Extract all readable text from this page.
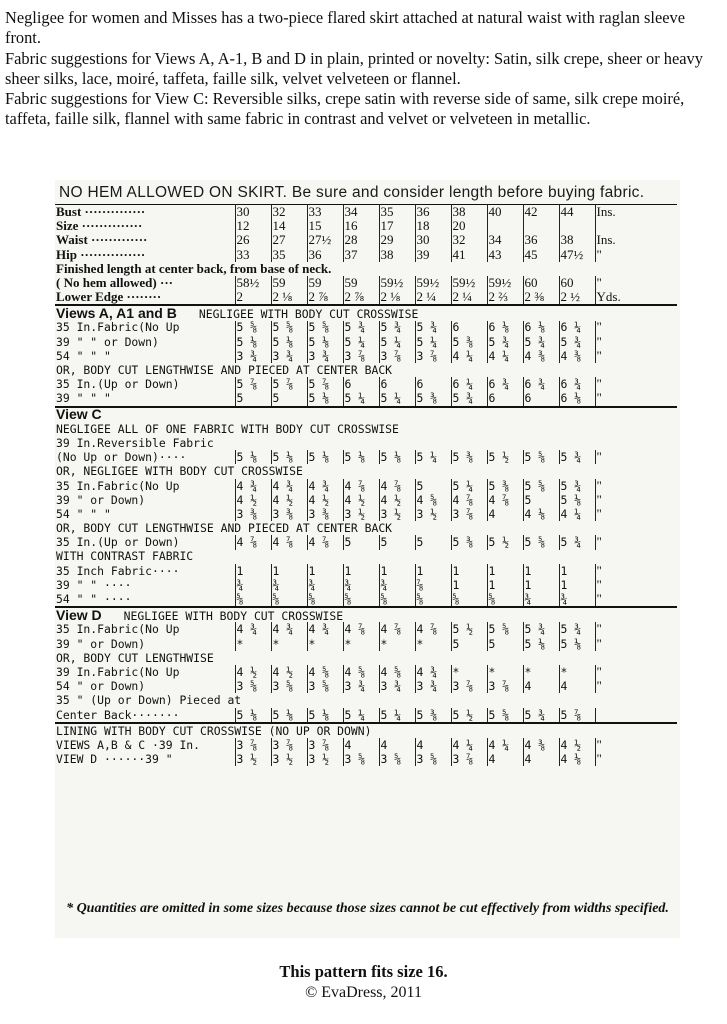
Negligee for women and Misses has a two-piece flared skirt attached at natural waist with raglan sleeve front.

Fabric suggestions for Views A, A-1, B and D in plain, printed or novelty: Satin, silk crepe, sheer or heavy sheer silks, lace, moiré, taffeta, faille silk, velvet velveteen or flannel.

Fabric suggestions for View C: Reversible silks, crepe satin with reverse side of same, silk crepe moiré, taffeta, faille silk, flannel with same fabric in contrast and velvet or velveteen in metallic.

NO HEM ALLOWED ON SKIRT. Be sure and consider length before buying fabric.
Bust ··············	30	32	33	34	35	36	38	40	42	44	Ins.
Size ··············	12	14	15	16	17	18	20				
Waist ·············	26	27	27½	28	29	30	32	34	36	38	Ins.
Hip ···············	33	35	36	37	38	39	41	43	45	47½	"
Finished length at center back, from base of neck.											
( No hem allowed) ···	58½	59	59	59	59½	59½	59½	59½	60	60	"
Lower Edge ········	2	2 ⅛	2 ⅞	2 ⅞	2 ⅛	2 ¼	2 ¼	2 ⅔	2 ⅜	2 ½	Yds.
Views A, A1 and B NEGLIGEE WITH BODY CUT CROSSWISE											
35 In.Fabric(No Up	5 ⅝	5 ⅝	5 ⅝	5 ¾	5 ¾	5 ¾	6	6 ⅛	6 ⅛	6 ¼	"
39 " " or Down)	5 ⅛	5 ⅛	5 ⅛	5 ¼	5 ¼	5 ¼	5 ⅜	5 ¾	5 ¾	5 ¾	"
54 " " "	3 ¾	3 ¾	3 ¾	3 ⅞	3 ⅞	3 ⅞	4 ¼	4 ¼	4 ⅜	4 ⅜	"
OR, BODY CUT LENGTHWISE AND PIECED AT CENTER BACK											
35 In.(Up or Down)	5 ⅞	5 ⅞	5 ⅞	6	6	6	6 ¼	6 ¾	6 ¾	6 ¾	"
39 " " "	5	5	5 ⅛	5 ¼	5 ¼	5 ⅜	5 ¾	6	6	6 ⅛	"
View C											
NEGLIGEE ALL OF ONE FABRIC WITH BODY CUT CROSSWISE											
39 In.Reversible Fabric											
(No Up or Down)····	5 ⅛	5 ⅛	5 ⅛	5 ⅛	5 ⅛	5 ¼	5 ⅜	5 ½	5 ⅝	5 ¾	"
OR, NEGLIGEE WITH BODY CUT CROSSWISE											
35 In.Fabric(No Up	4 ¾	4 ¾	4 ¾	4 ⅞	4 ⅞	5	5 ¼	5 ⅜	5 ⅝	5 ¾	"
39 " or Down)	4 ½	4 ½	4 ½	4 ½	4 ½	4 ⅝	4 ⅞	4 ⅞	5	5 ⅛	"
54 " " "	3 ⅜	3 ⅜	3 ⅜	3 ½	3 ½	3 ½	3 ⅞	4	4 ⅛	4 ¼	"
OR, BODY CUT LENGTHWISE AND PIECED AT CENTER BACK											
35 In.(Up or Down)	4 ⅞	4 ⅞	4 ⅞	5	5	5	5 ⅜	5 ½	5 ⅝	5 ¾	"
WITH CONTRAST FABRIC											
35 Inch Fabric····	1	1	1	1	1	1	1	1	1	1	"
39 " " ····	¾	¾	¾	¾	¾	⅞	1	1	1	1	"
54 " " ····	⅝	⅝	⅝	⅝	⅝	⅝	⅝	⅝	¾	¾	"
View D NEGLIGEE WITH BODY CUT CROSSWISE											
35 In.Fabric(No Up	4 ¾	4 ¾	4 ¾	4 ⅞	4 ⅞	4 ⅞	5 ½	5 ⅝	5 ¾	5 ¾	"
39 " or Down)	*	*	*	*	*	*	5	5	5 ⅛	5 ⅛	"
OR, BODY CUT LENGTHWISE											
39 In.Fabric(No Up	4 ½	4 ½	4 ⅝	4 ⅝	4 ⅝	4 ¾	*	*	*	*	"
54 " or Down)	3 ⅝	3 ⅝	3 ⅝	3 ¾	3 ¾	3 ¾	3 ⅞	3 ⅞	4	4	"
35 " (Up or Down) Pieced at											
Center Back·······	5 ⅛	5 ⅛	5 ⅛	5 ¼	5 ¼	5 ⅜	5 ½	5 ⅝	5 ¾	5 ⅞	
LINING WITH BODY CUT CROSSWISE (NO UP OR DOWN)											
VIEWS A,B & C ·39 In.	3 ⅞	3 ⅞	3 ⅞	4	4	4	4 ¼	4 ¼	4 ⅜	4 ½	"
VIEW D ······39 "	3 ½	3 ½	3 ½	3 ⅝	3 ⅝	3 ⅝	3 ⅞	4	4	4 ⅛	"
* Quantities are omitted in some sizes because those sizes cannot be cut effectively from widths specified.
This pattern fits size 16.
© EvaDress, 2011
